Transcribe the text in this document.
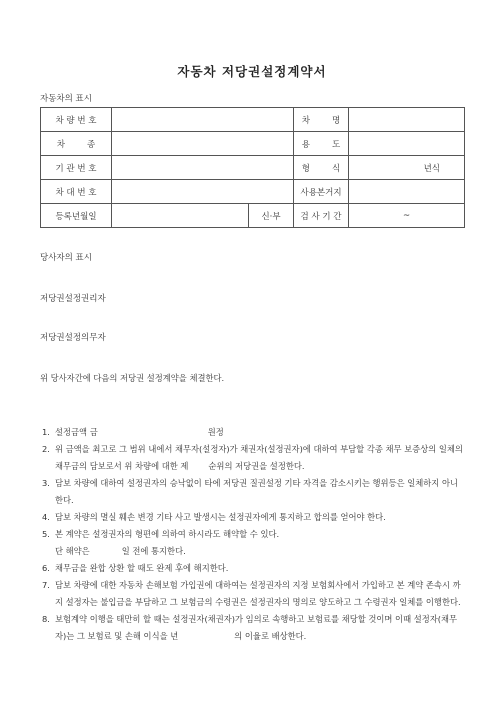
자동차 저당권설정계약서
자동차의 표시
차 량 번 호			차 명	
차 종			용 도	
기 관 번 호			형 식	년식
차 대 번 호			사용본거지	
등록년월일		신·부	검 사 기 간	~
당사자의 표시
저당권설정권리자
저당권설정의무자
위 당사자간에 다음의 저당권 설정계약을 체결한다.
1. 설정금액 금	원정
2. 위 금액을 최고로 그 범위 내에서 채무자(설정자)가 채권자(설정권자)에 대하여 부담할 각종 채무 보증상의 일체의 채무금의 담보로서 위 차량에 대한 제 순위의 저당권을 설정한다.
3. 담보 차량에 대하여 설정권자의 승낙없이 타에 저당권 질권설정 기타 자격을 감소시키는 행위등은 일체하지 아니한다.
4. 담보 차량의 멸실 훼손 변경 기타 사고 발생시는 설정권자에게 통지하고 합의를 얻어야 한다.
5. 본 계약은 설정권자의 형편에 의하여 하시라도 해약할 수 있다.
단 해약은	일 전에 통지한다.
6. 채무금을 완합 상환 할 때도 완제 후에 해지한다.
7. 담보 차량에 대한 자동차 손해보험 가입권에 대하여는 설정권자의 지정 보험회사에서 가입하고 본 계약 존속시 까지 설정자는 불입금을 부담하고 그 보험금의 수령권은 설정권자의 명의로 양도하고 그 수령권자 일체를 이행한다.
8. 보험계약 이행을 태만히 할 때는 설정권자(채권자)가 임의로 속행하고 보험료를 채당할 것이며 이때 설정자(채무자)는 그 보험료 및 손해 이식을 년	의 이율로 배상한다.
